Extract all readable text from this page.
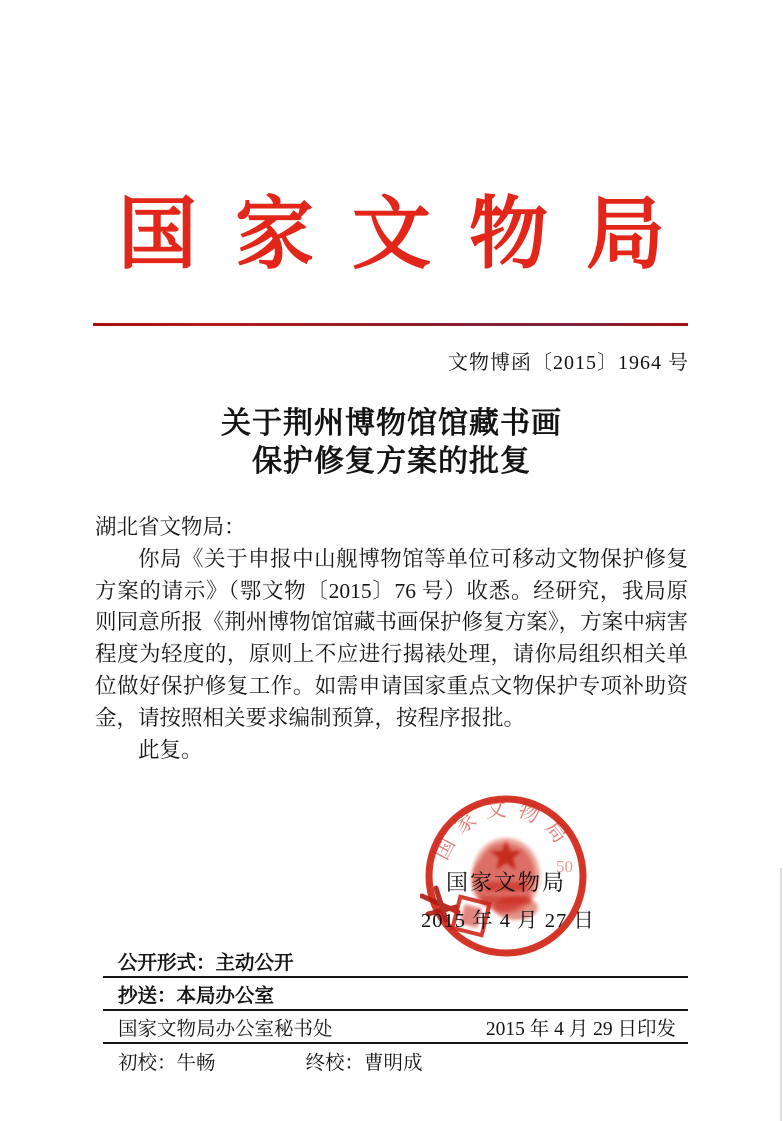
国家文物局
文物博函〔2015〕1964 号
关于荆州博物馆馆藏书画
保护修复方案的批复

湖北省文物局：

你局《关于申报中山舰博物馆等单位可移动文物保护修复方案的请示》（鄂文物〔2015〕76 号）收悉。经研究，我局原则同意所报《荆州博物馆馆藏书画保护修复方案》，方案中病害程度为轻度的，原则上不应进行揭裱处理，请你局组织相关单位做好保护修复工作。如需申请国家重点文物保护专项补助资金，请按照相关要求编制预算，按程序报批。

此复。

国家文物局
50
国家文物局
2015 年 4 月 27 日
公开形式：主动公开
抄送：本局办公室
国家文物局办公室秘书处	2015 年 4 月 29 日印发
初校：牛畅	终校：曹明成
